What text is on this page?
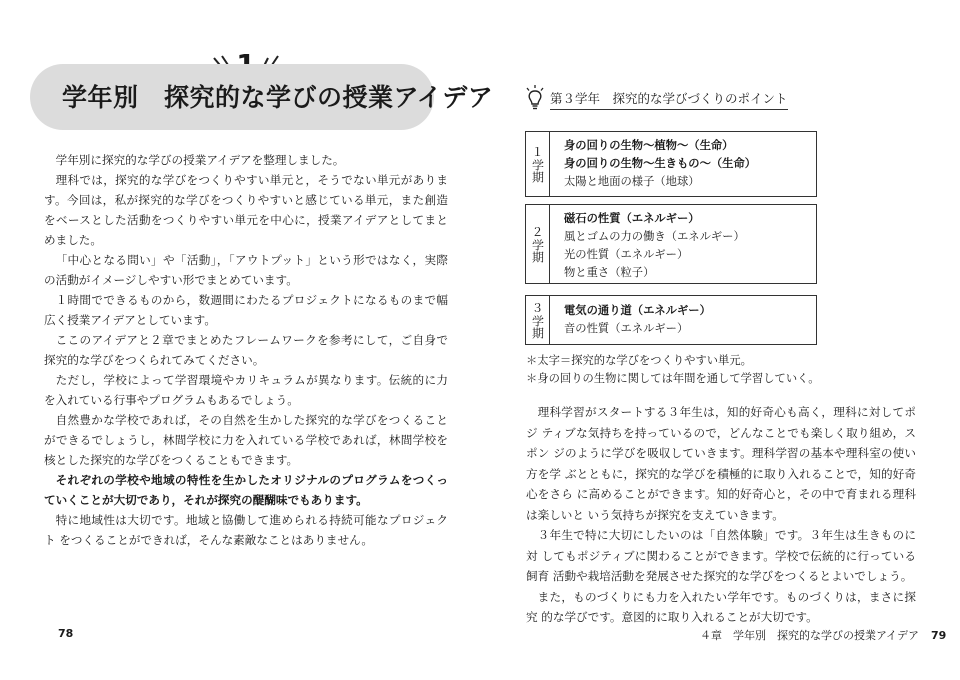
学年別　探究的な学びの授業アイデア

学年別に探究的な学びの授業アイデアを整理しました。

理科では，探究的な学びをつくりやすい単元と，そうでない単元がありま す。今回は，私が探究的な学びをつくりやすいと感じている単元，また創造 をベースとした活動をつくりやすい単元を中心に，授業アイデアとしてまと めました。

「中心となる問い」や「活動」，「アウトプット」という形ではなく，実際 の活動がイメージしやすい形でまとめています。

１時間でできるものから，数週間にわたるプロジェクトになるものまで幅 広く授業アイデアとしています。

ここのアイデアと２章でまとめたフレームワークを参考にして，ご自身で 探究的な学びをつくられてみてください。

ただし，学校によって学習環境やカリキュラムが異なります。伝統的に力 を入れている行事やプログラムもあるでしょう。

自然豊かな学校であれば，その自然を生かした探究的な学びをつくること ができるでしょうし，林間学校に力を入れている学校であれば，林間学校を 核とした探究的な学びをつくることもできます。

それぞれの学校や地域の特性を生かしたオリジナルのプログラムをつくっ ていくことが大切であり，それが探究の醍醐味でもあります。

特に地域性は大切です。地域と協働して進められる持続可能なプロジェクト をつくることができれば，そんな素敵なことはありません。

78
第３学年　探究的な学びづくりのポイント
１
学期
身の回りの生物〜植物〜（生命）
身の回りの生物〜生きもの〜（生命）
太陽と地面の様子（地球）
２
学期
磁石の性質（エネルギー）
風とゴムの力の働き（エネルギー）
光の性質（エネルギー）
物と重さ（粒子）
３
学期
電気の通り道（エネルギー）
音の性質（エネルギー）
＊太字＝探究的な学びをつくりやすい単元。
＊身の回りの生物に関しては年間を通して学習していく。

理科学習がスタートする３年生は，知的好奇心も高く，理科に対してポジ ティブな気持ちを持っているので，どんなことでも楽しく取り組め，スポン ジのように学びを吸収していきます。理科学習の基本や理科室の使い方を学 ぶとともに，探究的な学びを積極的に取り入れることで，知的好奇心をさら に高めることができます。知的好奇心と，その中で育まれる理科は楽しいと いう気持ちが探究を支えていきます。

３年生で特に大切にしたいのは「自然体験」です。３年生は生きものに対 してもポジティブに関わることができます。学校で伝統的に行っている飼育 活動や栽培活動を発展させた探究的な学びをつくるとよいでしょう。

また，ものづくりにも力を入れたい学年です。ものづくりは，まさに探究 的な学びです。意図的に取り入れることが大切です。

４章　学年別　探究的な学びの授業アイデア 79
